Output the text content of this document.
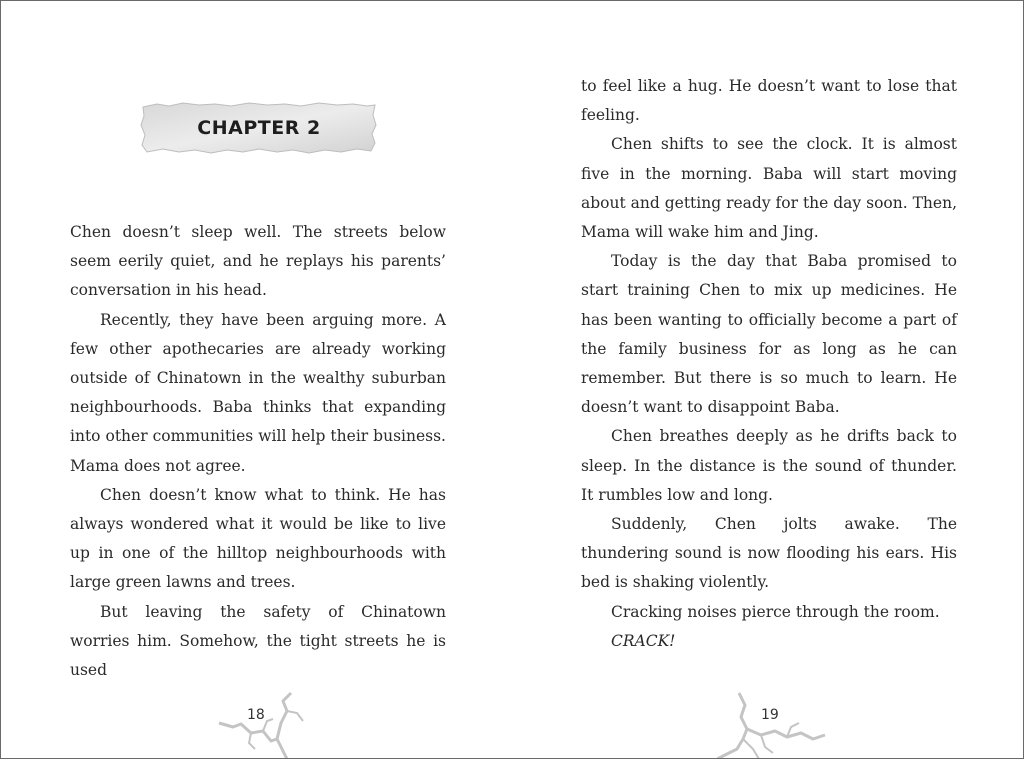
CHAPTER 2

Chen doesn’t sleep well. The streets below seem eerily quiet, and he replays his parents’ conversation in his head.

Recently, they have been arguing more. A few other apothecaries are already working outside of Chinatown in the wealthy suburban neighbourhoods. Baba thinks that expanding into other communities will help their business. Mama does not agree.

Chen doesn’t know what to think. He has always wondered what it would be like to live up in one of the hilltop neighbourhoods with large green lawns and trees.

But leaving the safety of Chinatown worries him. Somehow, the tight streets he is used

18

to feel like a hug. He doesn’t want to lose that feeling.

Chen shifts to see the clock. It is almost five in the morning. Baba will start moving about and getting ready for the day soon. Then, Mama will wake him and Jing.

Today is the day that Baba promised to start training Chen to mix up medicines. He has been wanting to officially become a part of the family business for as long as he can remember. But there is so much to learn. He doesn’t want to disappoint Baba.

Chen breathes deeply as he drifts back to sleep. In the distance is the sound of thunder. It rumbles low and long.

Suddenly, Chen jolts awake. The thundering sound is now flooding his ears. His bed is shaking violently.

Cracking noises pierce through the room.

CRACK!

19
